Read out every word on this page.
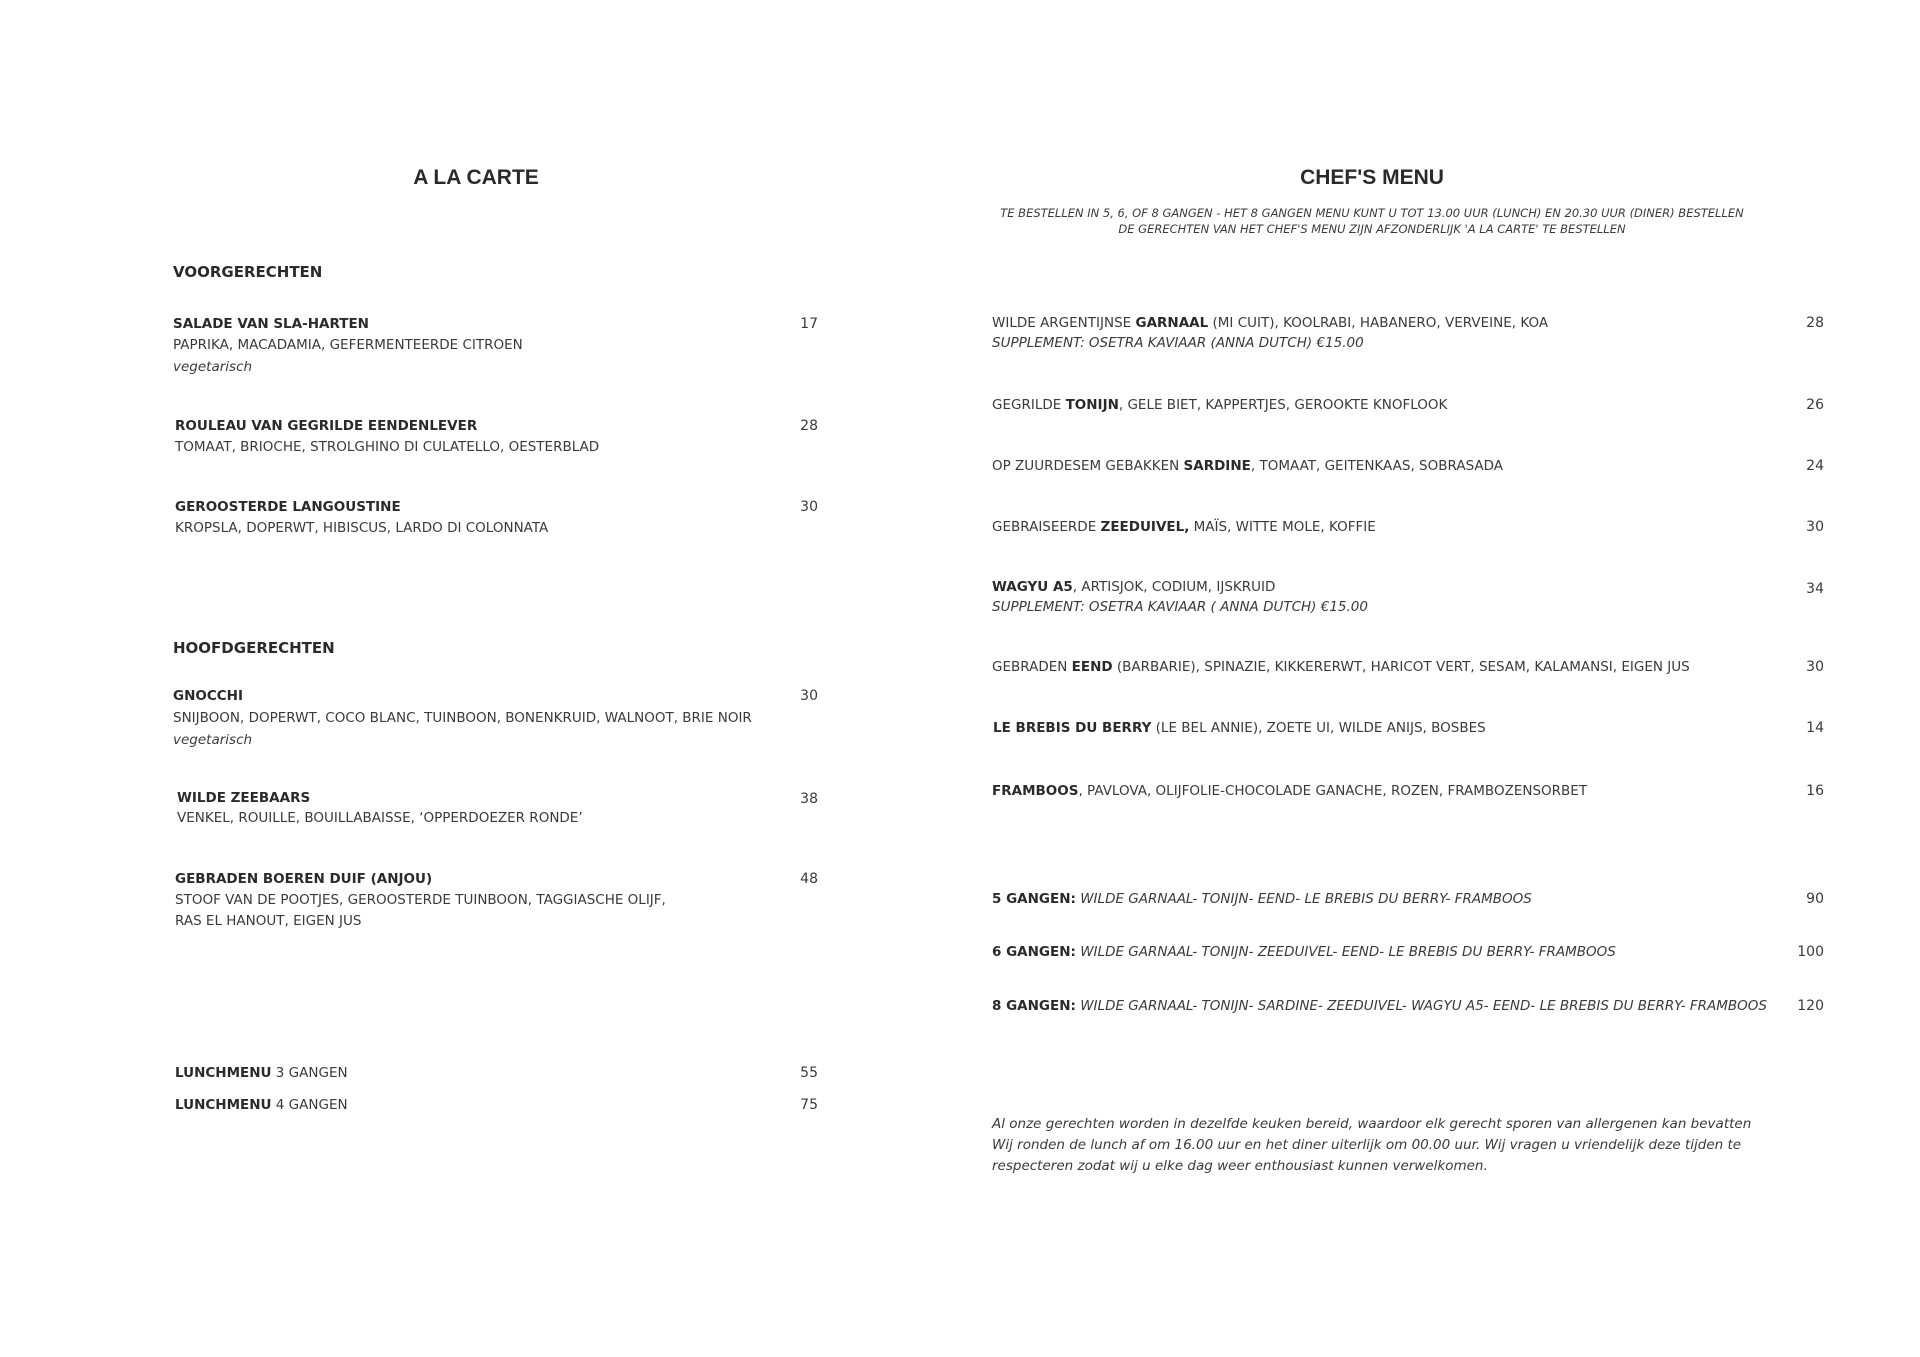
A LA CARTE
VOORGERECHTEN
SALADE VAN SLA-HARTEN
PAPRIKA, MACADAMIA, GEFERMENTEERDE CITROEN
vegetarisch
17
ROULEAU VAN GEGRILDE EENDENLEVER
TOMAAT, BRIOCHE, STROLGHINO DI CULATELLO, OESTERBLAD
28
GEROOSTERDE LANGOUSTINE
KROPSLA, DOPERWT, HIBISCUS, LARDO DI COLONNATA
30
HOOFDGERECHTEN
GNOCCHI
SNIJBOON, DOPERWT, COCO BLANC, TUINBOON, BONENKRUID, WALNOOT, BRIE NOIR
vegetarisch
30
WILDE ZEEBAARS
VENKEL, ROUILLE, BOUILLABAISSE, ‘OPPERDOEZER RONDE’
38
GEBRADEN BOEREN DUIF (ANJOU)
STOOF VAN DE POOTJES, GEROOSTERDE TUINBOON, TAGGIASCHE OLIJF,
RAS EL HANOUT, EIGEN JUS
48
LUNCHMENU 3 GANGEN	55
LUNCHMENU 4 GANGEN	75
CHEF'S MENU
TE BESTELLEN IN 5, 6, OF 8 GANGEN - HET 8 GANGEN MENU KUNT U TOT 13.00 UUR (LUNCH) EN 20.30 UUR (DINER) BESTELLEN
DE GERECHTEN VAN HET CHEF'S MENU ZIJN AFZONDERLIJK 'A LA CARTE' TE BESTELLEN
WILDE ARGENTIJNSE GARNAAL (MI CUIT), KOOLRABI, HABANERO, VERVEINE, KOA
SUPPLEMENT: OSETRA KAVIAAR (ANNA DUTCH) €15.00
28
GEGRILDE TONIJN, GELE BIET, KAPPERTJES, GEROOKTE KNOFLOOK	26
OP ZUURDESEM GEBAKKEN SARDINE, TOMAAT, GEITENKAAS, SOBRASADA	24
GEBRAISEERDE ZEEDUIVEL, MAÏS, WITTE MOLE, KOFFIE	30
WAGYU A5, ARTISJOK, CODIUM, IJSKRUID
SUPPLEMENT: OSETRA KAVIAAR ( ANNA DUTCH) €15.00
34
GEBRADEN EEND (BARBARIE), SPINAZIE, KIKKERERWT, HARICOT VERT, SESAM, KALAMANSI, EIGEN JUS	30
LE BREBIS DU BERRY (LE BEL ANNIE), ZOETE UI, WILDE ANIJS, BOSBES	14
FRAMBOOS, PAVLOVA, OLIJFOLIE-CHOCOLADE GANACHE, ROZEN, FRAMBOZENSORBET	16
5 GANGEN: WILDE GARNAAL- TONIJN- EEND- LE BREBIS DU BERRY- FRAMBOOS	90
6 GANGEN: WILDE GARNAAL- TONIJN- ZEEDUIVEL- EEND- LE BREBIS DU BERRY- FRAMBOOS	100
8 GANGEN: WILDE GARNAAL- TONIJN- SARDINE- ZEEDUIVEL- WAGYU A5- EEND- LE BREBIS DU BERRY- FRAMBOOS	120
Al onze gerechten worden in dezelfde keuken bereid, waardoor elk gerecht sporen van allergenen kan bevatten
Wij ronden de lunch af om 16.00 uur en het diner uiterlijk om 00.00 uur. Wij vragen u vriendelijk deze tijden te
respecteren zodat wij u elke dag weer enthousiast kunnen verwelkomen.
